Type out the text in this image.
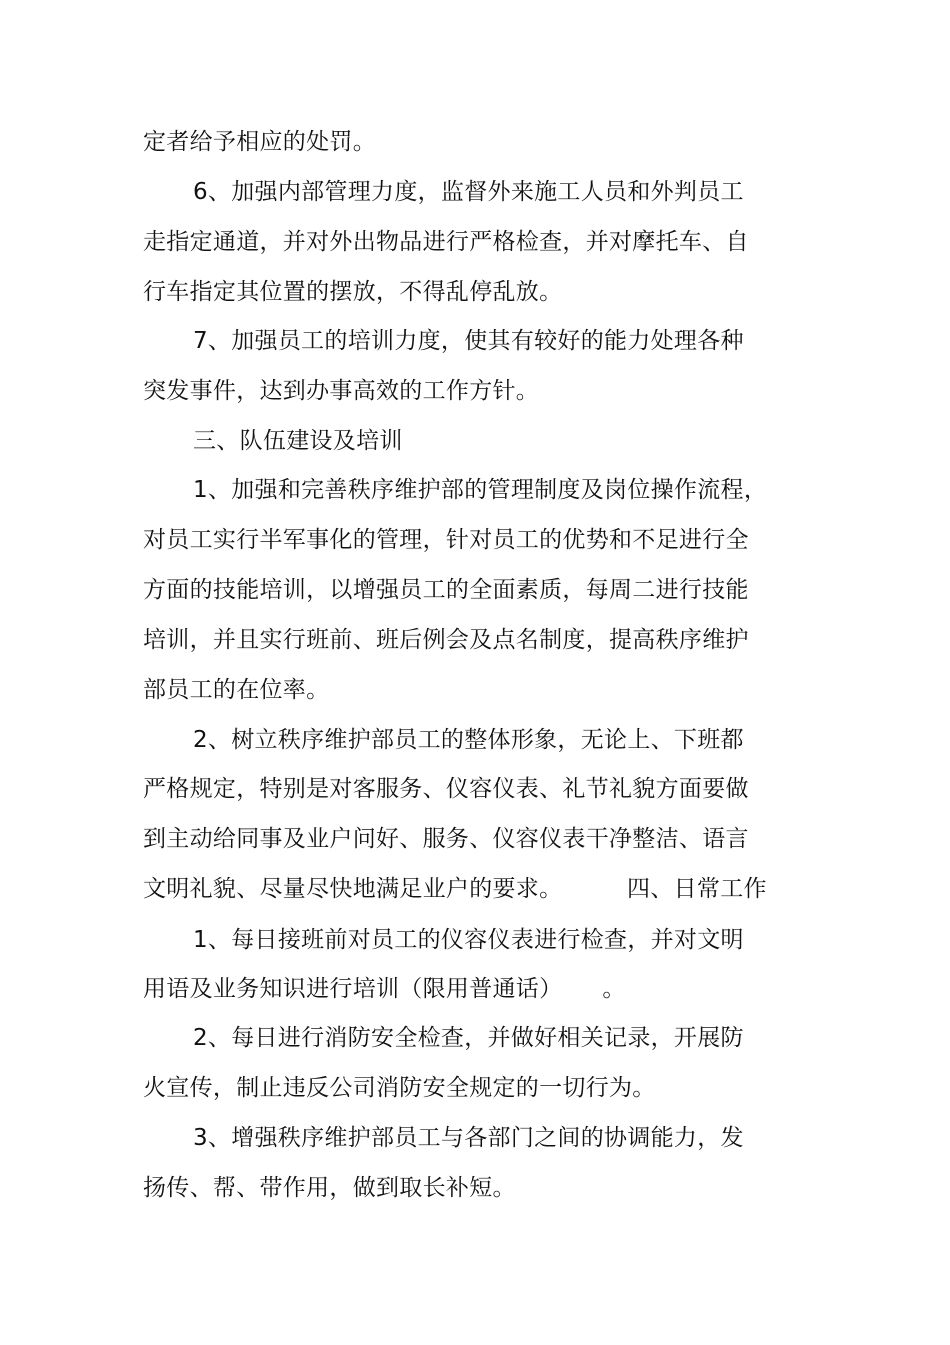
定者给予相应的处罚。
6、加强内部管理力度，监督外来施工人员和外判员工
走指定通道，并对外出物品进行严格检查，并对摩托车、自
行车指定其位置的摆放，不得乱停乱放。
7、加强员工的培训力度，使其有较好的能力处理各种
突发事件，达到办事高效的工作方针。
三、队伍建设及培训
1、加强和完善秩序维护部的管理制度及岗位操作流程，
对员工实行半军事化的管理，针对员工的优势和不足进行全
方面的技能培训，以增强员工的全面素质，每周二进行技能
培训，并且实行班前、班后例会及点名制度，提高秩序维护
部员工的在位率。
2、树立秩序维护部员工的整体形象，无论上、下班都
严格规定，特别是对客服务、仪容仪表、礼节礼貌方面要做
到主动给同事及业户问好、服务、仪容仪表干净整洁、语言
文明礼貌、尽量尽快地满足业户的要求。	四、日常工作
1、每日接班前对员工的仪容仪表进行检查，并对文明
用语及业务知识进行培训（限用普通话） 。
2、每日进行消防安全检查，并做好相关记录，开展防
火宣传，制止违反公司消防安全规定的一切行为。
3、增强秩序维护部员工与各部门之间的协调能力，发
扬传、帮、带作用，做到取长补短。
